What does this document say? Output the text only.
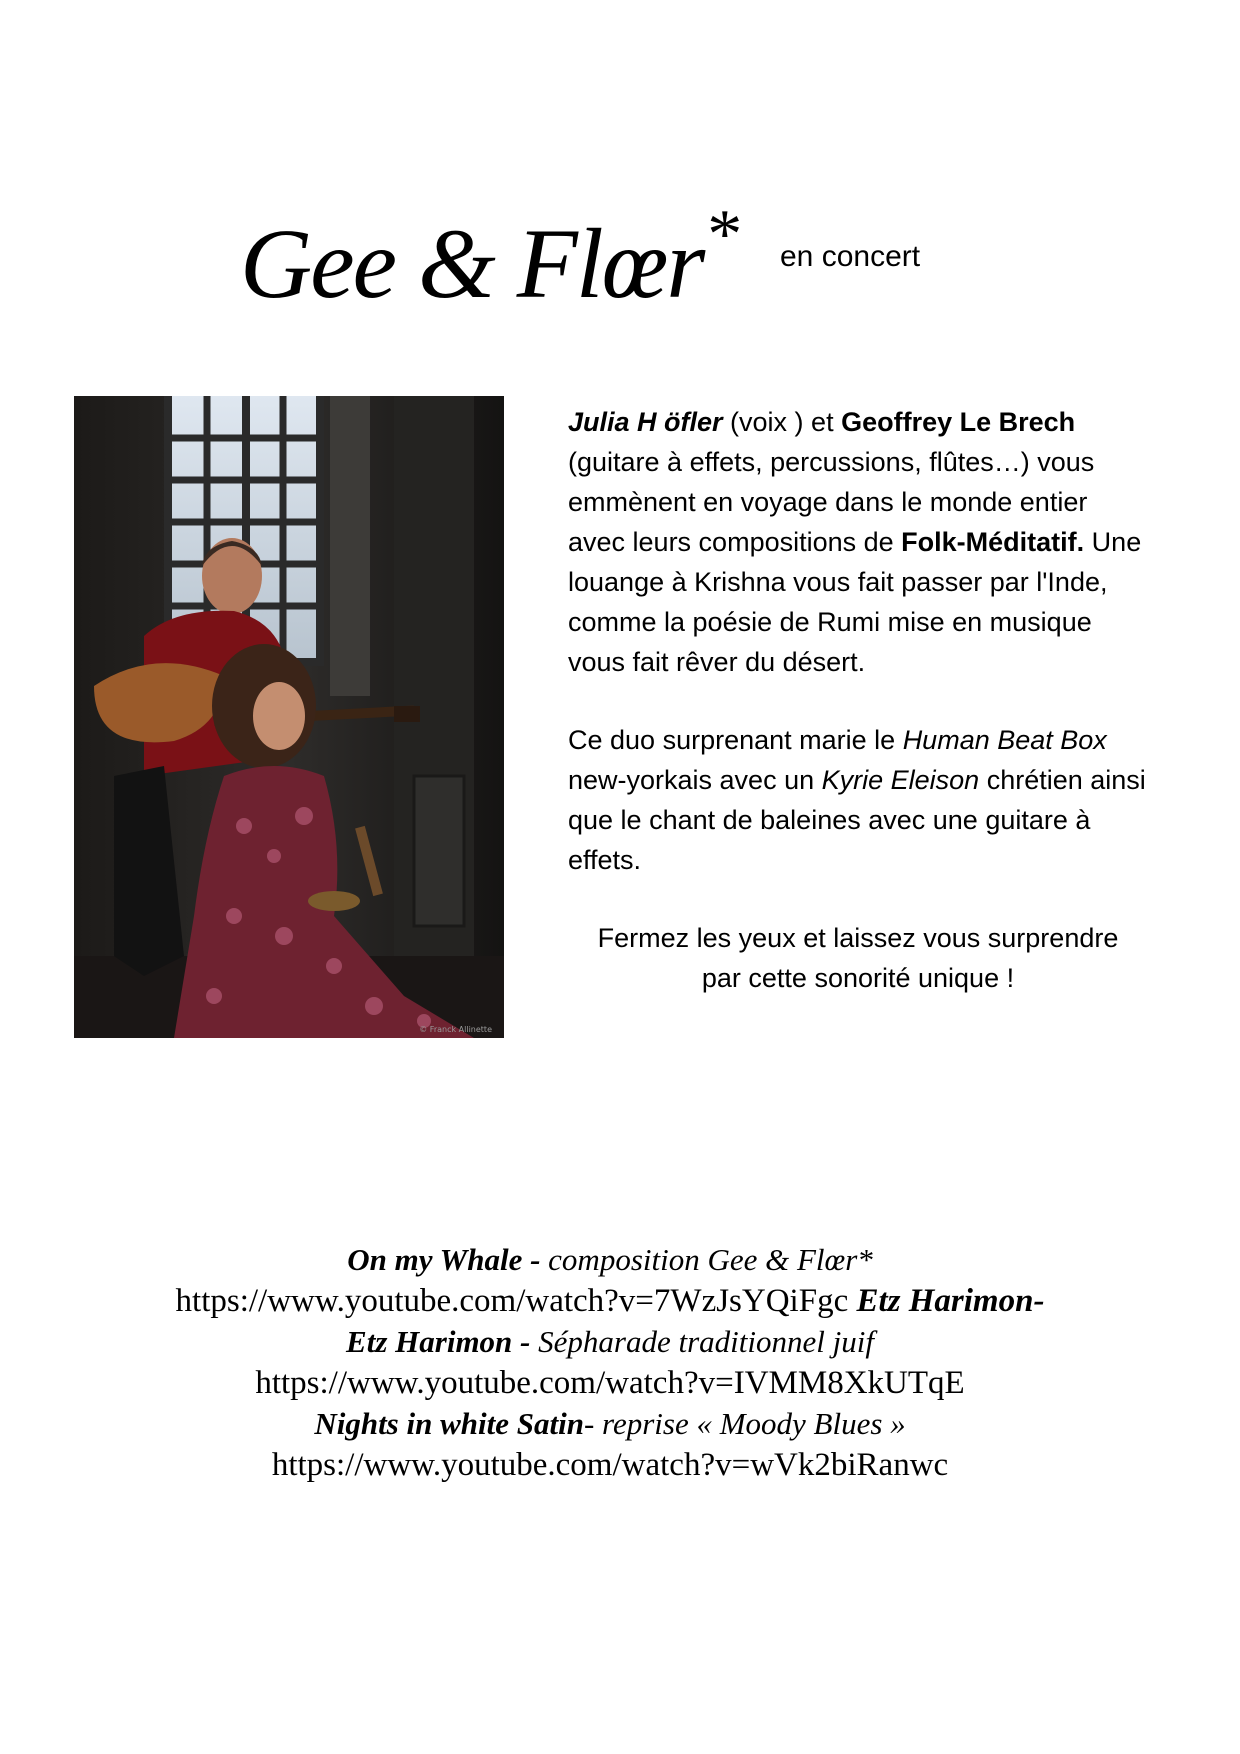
Gee & Flœr* en concert
© Franck Allinette

Julia H öfler (voix ) et Geoffrey Le Brech (guitare à effets, percussions, flûtes…) vous emmènent en voyage dans le monde entier avec leurs compositions de Folk-Méditatif. Une louange à Krishna vous fait passer par l'Inde, comme la poésie de Rumi mise en musique vous fait rêver du désert.

Ce duo surprenant marie le Human Beat Box new-yorkais avec un Kyrie Eleison chrétien ainsi que le chant de baleines avec une guitare à effets.

Fermez les yeux et laissez vous surprendre

par cette sonorité unique !

On my Whale - composition Gee & Flœr*
https://www.youtube.com/watch?v=7WzJsYQiFgc Etz Harimon-
Etz Harimon - Sépharade traditionnel juif
https://www.youtube.com/watch?v=IVMM8XkUTqE
Nights in white Satin- reprise « Moody Blues »
https://www.youtube.com/watch?v=wVk2biRanwc
